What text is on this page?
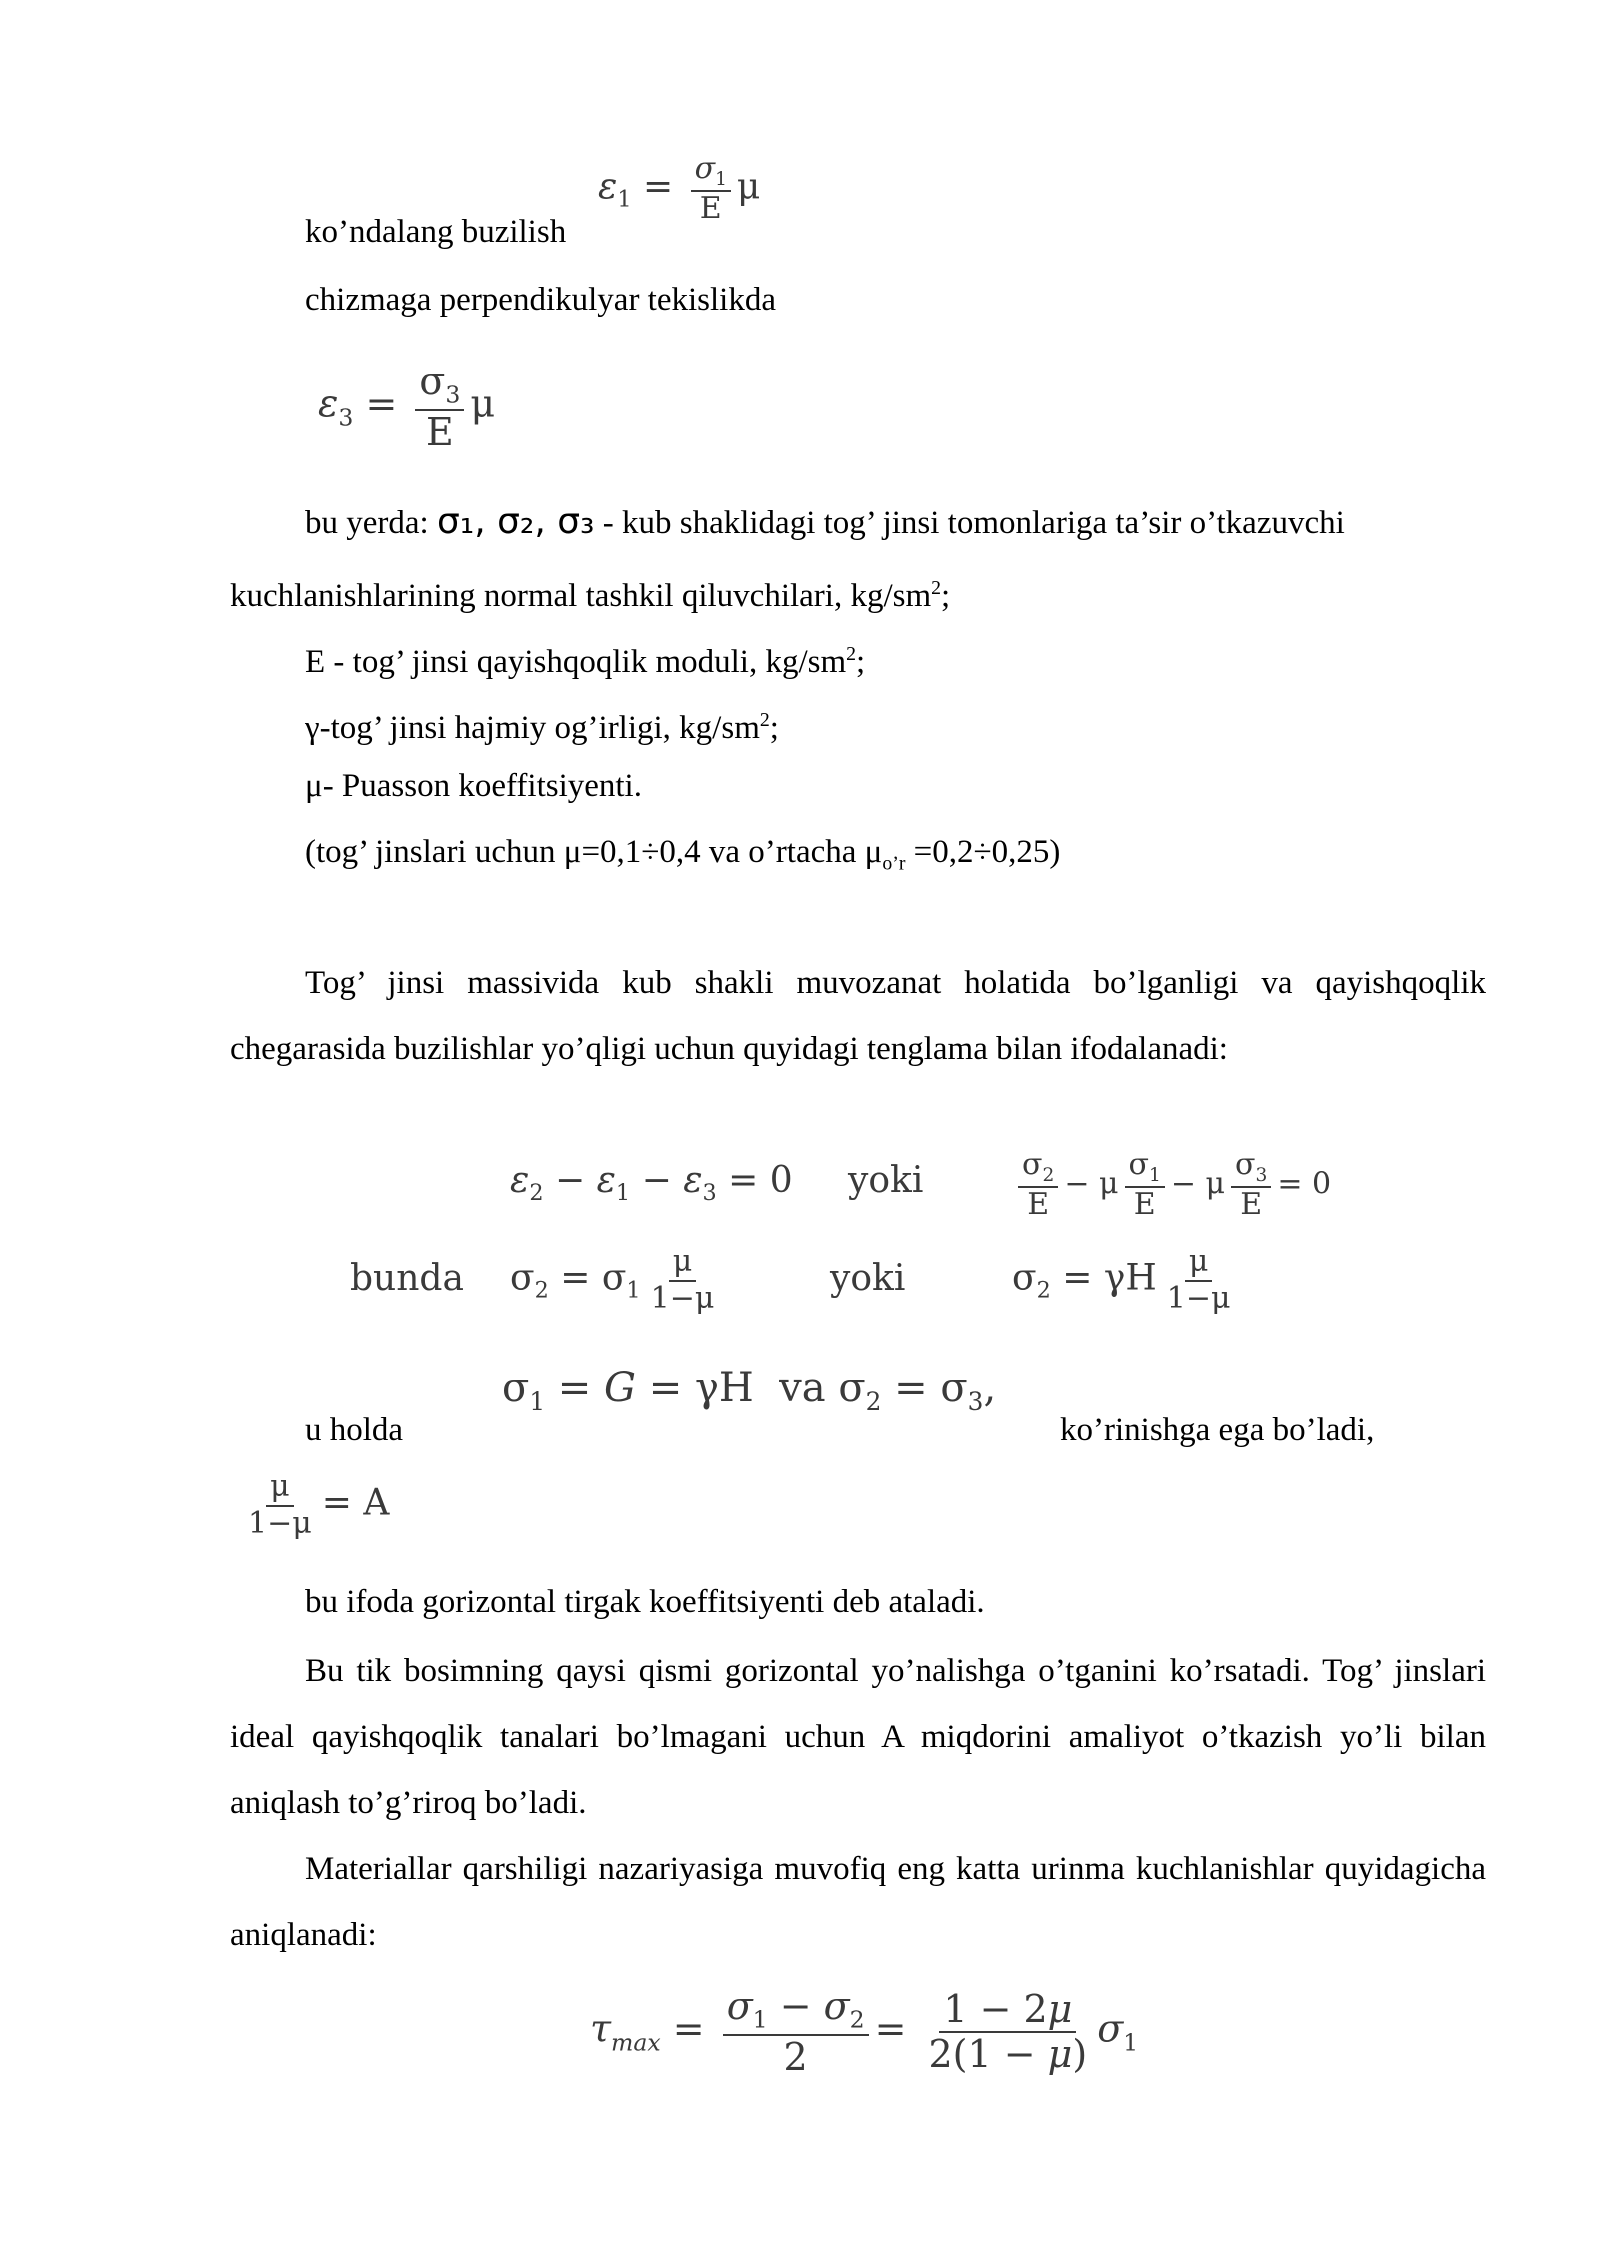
ko’ndalang buzilish
$\varepsilon_1 = \frac{\sigma_1}{E}$ μ
chizmaga perpendikulyar tekislikda
$\varepsilon_3 = \frac{\sigma_3}{E}$ μ
bu yerda: σ₁, σ₂, σ₃ - kub shaklidagi tog’ jinsi tomonlariga ta’sir o’tkazuvchi
kuchlanishlarining normal tashkil qiluvchilari, $kg/sm^2$;
E - tog’ jinsi qayishqoqlik moduli, $kg/sm^2$;
γ-tog’ jinsi hajmiy og’irligi, $kg/sm^2$;
μ- Puasson koeffitsiyenti.
(tog’ jinslari uchun μ=0,1÷0,4 va o’rtacha $\mu_{o’r} =0,2\div 0,25$)
Tog’ jinsi massivida kub shakli muvozanat holatida bo’lganligi va qayishqoqlik chegarasida buzilishlar yo’qligi uchun quyidagi tenglama bilan ifodalanadi:
$\varepsilon_2 - \varepsilon_1 - \varepsilon_3 = 0$ yoki	$\frac{\sigma_2}{E} - \mu \frac{\sigma_1}{E} - \mu \frac{\sigma_3}{E} = 0$
bunda $\sigma_2 = \sigma_1 \frac{\mu}{1-\mu}$	yoki	$\sigma_2 = \gamma H \frac{\mu}{1-\mu}$
u holda
$\sigma_1 = G = \gamma H$  va $\sigma_2 = \sigma_3$,
ko’rinishga ega bo’ladi,
$\frac{\mu}{1-\mu} = A$
bu ifoda gorizontal tirgak koeffitsiyenti deb ataladi.
Bu tik bosimning qaysi qismi gorizontal yo’nalishga o’tganini ko’rsatadi. Tog’ jinslari ideal qayishqoqlik tanalari bo’lmagani uchun A miqdorini amaliyot o’tkazish yo’li bilan aniqlash to’g’riroq bo’ladi.
Materiallar qarshiligi nazariyasiga muvofiq eng katta urinma kuchlanishlar quyidagicha aniqlanadi:
$\tau_{max} = \frac{\sigma_1 - \sigma_2}{2} = \frac{1 - 2\mu}{2(1 - \mu)} \sigma_1$
